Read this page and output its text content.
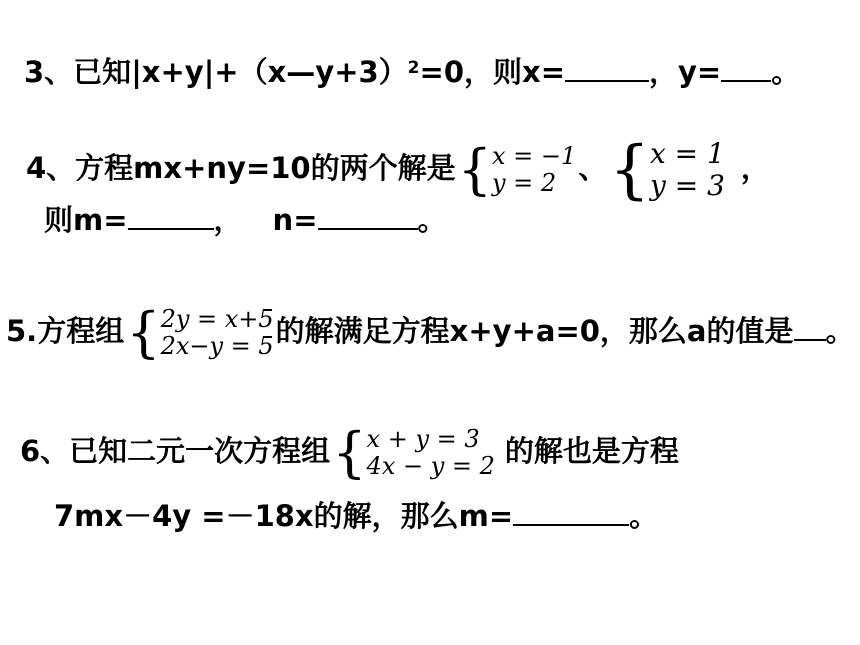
3、已知|x+y|+（x—y+3）$^2$=0，则x=	，y= 。
4、方程mx+ny=10的两个解是 { x = −1
y = 2 、 { x = 1
y = 3
，
则m=	， n=	。
5.方程组 { 2y = x+5
2x−y = 5 的解满足方程x+y+a=0，那么a的值是 。
6、已知二元一次方程组 { x + y = 3
4x − y = 2 的解也是方程
7mx－4y =－18x的解，那么m=	。
